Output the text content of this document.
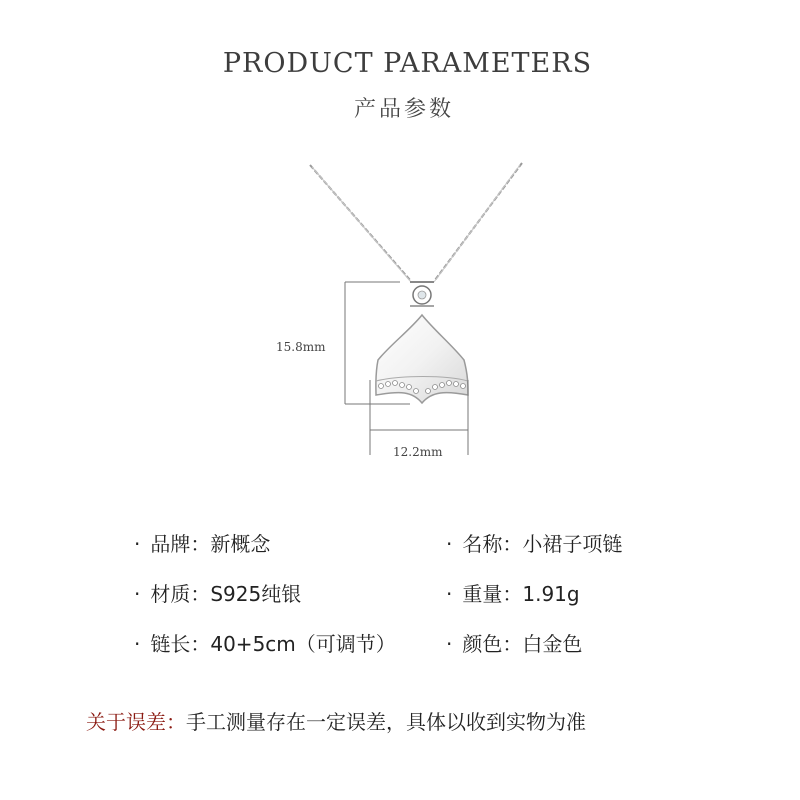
PRODUCT PARAMETERS
产品参数
15.8mm
12.2mm
· 品牌：新概念	· 名称：小裙子项链
· 材质：S925纯银	· 重量：1.91g
· 链长：40+5cm（可调节）	· 颜色：白金色
关于误差：手工测量存在一定误差，具体以收到实物为准
